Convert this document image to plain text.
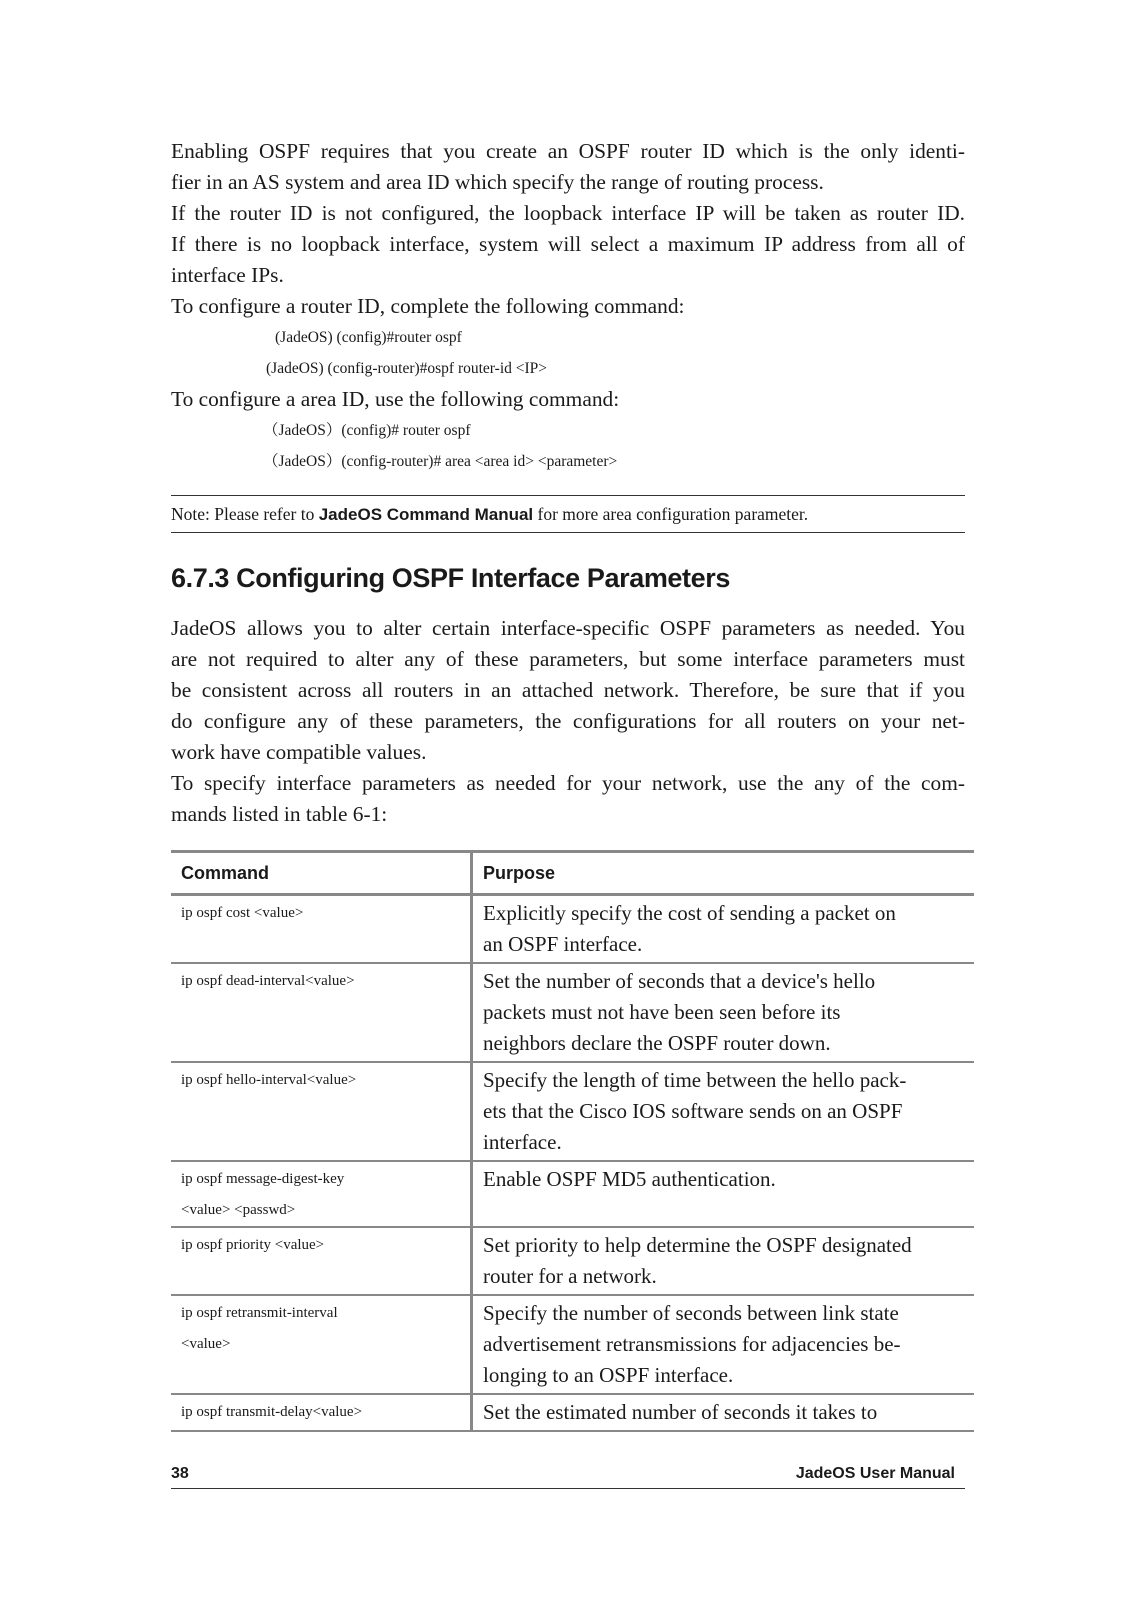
Enabling OSPF requires that you create an OSPF router ID which is the only identi-
fier in an AS system and area ID which specify the range of routing process.

If the router ID is not configured, the loopback interface IP will be taken as router ID.
If there is no loopback interface, system will select a maximum IP address from all of
interface IPs.

To configure a router ID, complete the following command:

(JadeOS) (config)#router ospf
(JadeOS) (config-router)#ospf router-id <IP>

To configure a area ID, use the following command:

（JadeOS）(config)# router ospf
（JadeOS）(config-router)# area <area id> <parameter>
Note: Please refer to JadeOS Command Manual for more area configuration parameter.
6.7.3 Configuring OSPF Interface Parameters

JadeOS allows you to alter certain interface-specific OSPF parameters as needed. You
are not required to alter any of these parameters, but some interface parameters must
be consistent across all routers in an attached network. Therefore, be sure that if you
do configure any of these parameters, the configurations for all routers on your net-
work have compatible values.

To specify interface parameters as needed for your network, use the any of the com-
mands listed in table 6-1:

Command	Purpose

ip ospf cost <value>	Explicitly specify the cost of sending a packet on
an OSPF interface.

ip ospf dead-interval<value>	Set the number of seconds that a device's hello
packets must not have been seen before its
neighbors declare the OSPF router down.

ip ospf hello-interval<value>	Specify the length of time between the hello pack-
ets that the Cisco IOS software sends on an OSPF
interface.

ip ospf message-digest-key
<value> <passwd>	Enable OSPF MD5 authentication.

ip ospf priority <value>	Set priority to help determine the OSPF designated
router for a network.

ip ospf retransmit-interval
<value>	Specify the number of seconds between link state
advertisement retransmissions for adjacencies be-
longing to an OSPF interface.

ip ospf transmit-delay<value>	Set the estimated number of seconds it takes to
38	JadeOS User Manual
